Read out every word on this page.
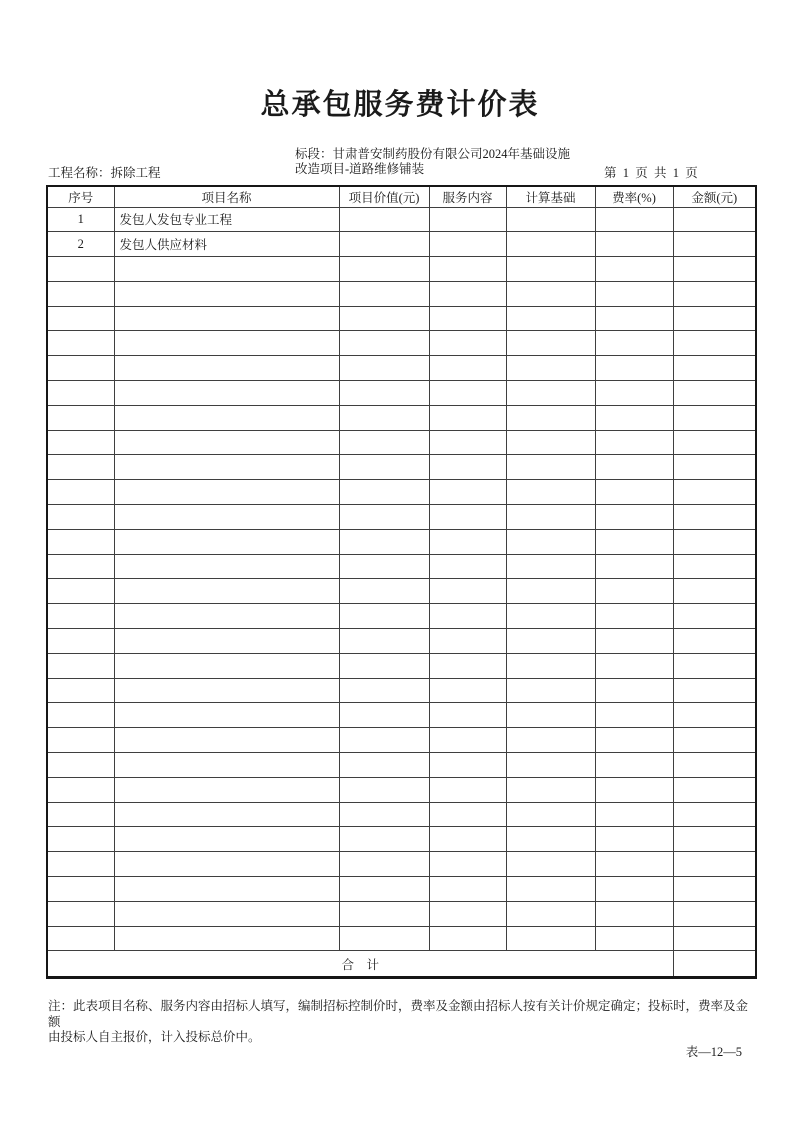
总承包服务费计价表
工程名称：拆除工程
标段：甘肃普安制药股份有限公司2024年基础设施
改造项目-道路维修铺装	第  1  页  共  1  页
序号	项目名称	项目价值(元)	服务内容	计算基础	费率(%)	金额(元)
1	发包人发包专业工程					
2	发包人供应材料					

合    计						
注：此表项目名称、服务内容由招标人填写，编制招标控制价时，费率及金额由招标人按有关计价规定确定；投标时，费率及金额
由投标人自主报价，计入投标总价中。
表—12—5
